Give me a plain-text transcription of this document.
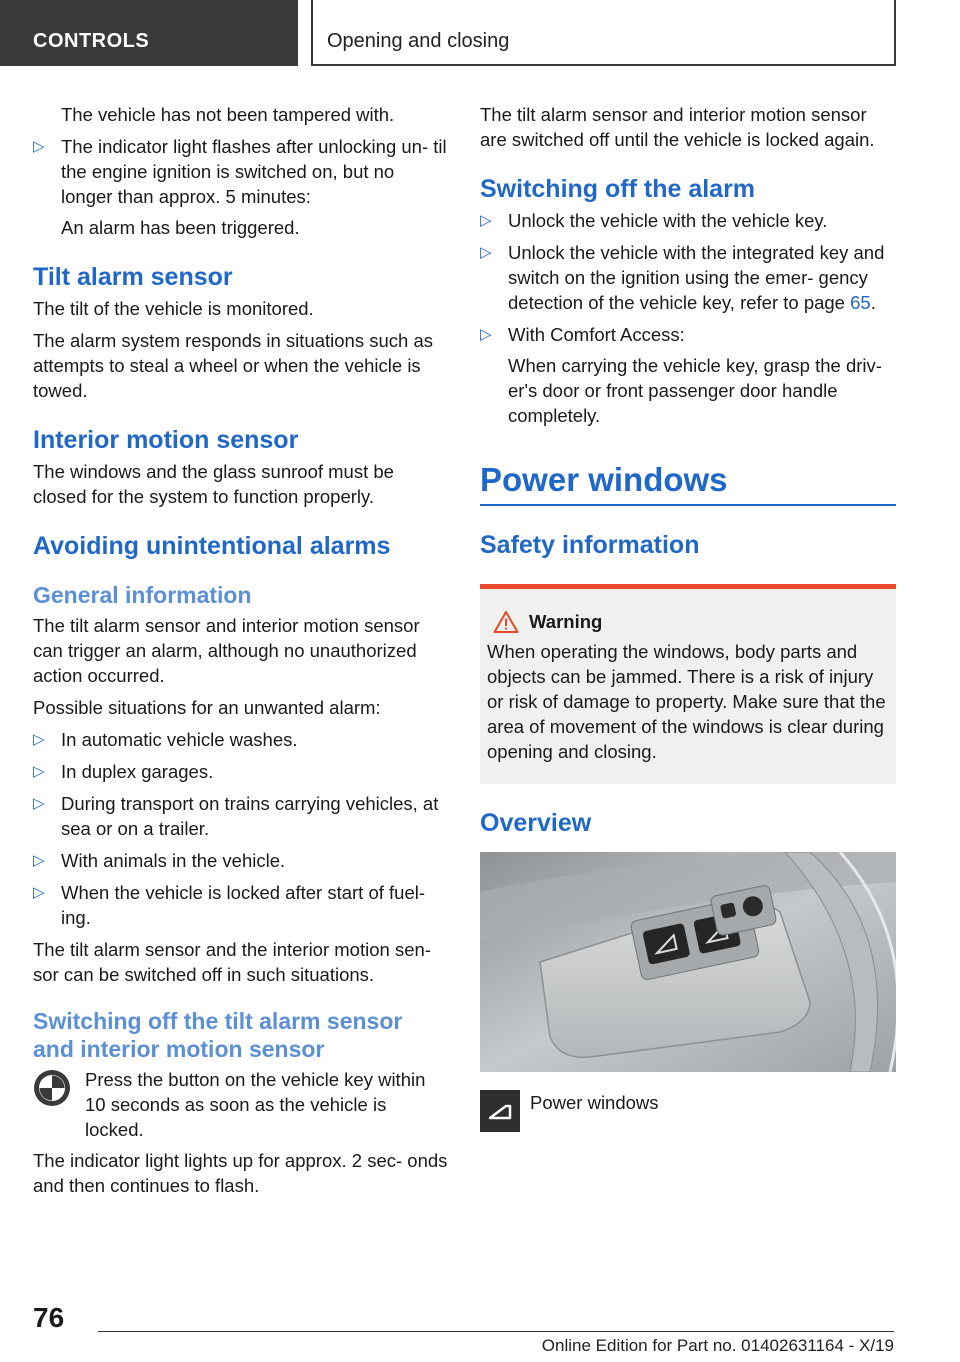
CONTROLS	Opening and closing

The vehicle has not been tampered with.

▷ The indicator light flashes after unlocking un- til the engine ignition is switched on, but no longer than approx. 5 minutes:
An alarm has been triggered.
Tilt alarm sensor

The tilt of the vehicle is monitored.

The alarm system responds in situations such as attempts to steal a wheel or when the vehicle is towed.

Interior motion sensor

The windows and the glass sunroof must be closed for the system to function properly.

Avoiding unintentional alarms
General information

The tilt alarm sensor and interior motion sensor can trigger an alarm, although no unauthorized action occurred.

Possible situations for an unwanted alarm:

▷ In automatic vehicle washes.
▷ In duplex garages.
▷ During transport on trains carrying vehicles, at sea or on a trailer.
▷ With animals in the vehicle.
▷ When the vehicle is locked after start of fuel- ing.

The tilt alarm sensor and the interior motion sen- sor can be switched off in such situations.

Switching off the tilt alarm sensor and interior motion sensor
Press the button on the vehicle key within 10 seconds as soon as the vehicle is locked.

The indicator light lights up for approx. 2 sec- onds and then continues to flash.

The tilt alarm sensor and interior motion sensor are switched off until the vehicle is locked again.

Switching off the alarm
▷ Unlock the vehicle with the vehicle key.
▷ Unlock the vehicle with the integrated key and switch on the ignition using the emer- gency detection of the vehicle key, refer to page 65.
▷ With Comfort Access:
When carrying the vehicle key, grasp the driv- er's door or front passenger door handle completely.
Power windows
Safety information
Warning

When operating the windows, body parts and objects can be jammed. There is a risk of injury or risk of damage to property. Make sure that the area of movement of the windows is clear during opening and closing.

Overview
Power windows
76
Online Edition for Part no. 01402631164 - X/19
